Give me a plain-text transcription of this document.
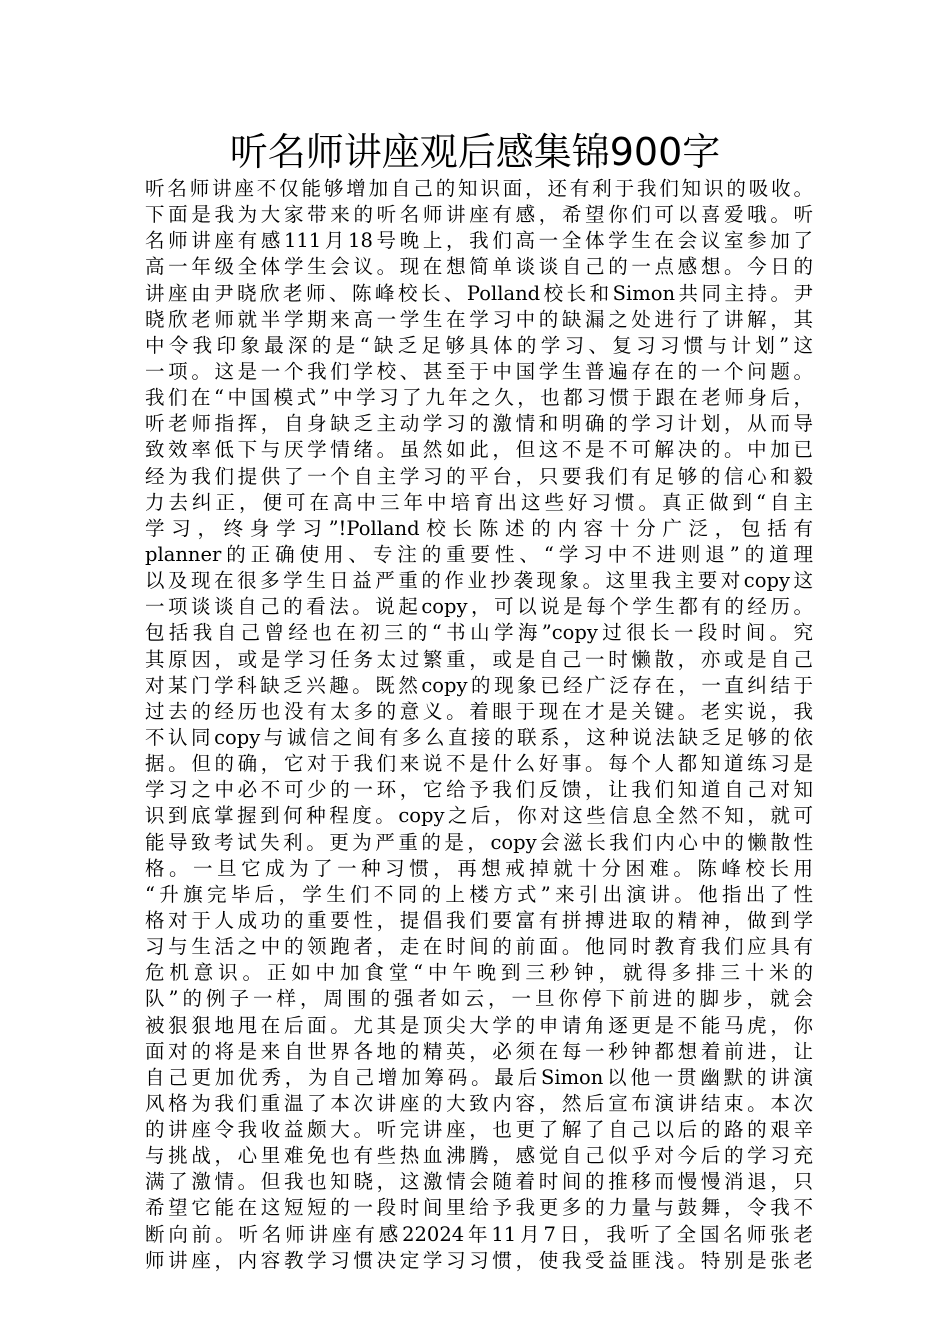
听名师讲座观后感集锦900字
听名师讲座不仅能够增加自己的知识面，还有利于我们知识的吸收。
下面是我为大家带来的听名师讲座有感，希望你们可以喜爱哦。听
名师讲座有感111月18号晚上，我们高一全体学生在会议室参加了
高一年级全体学生会议。现在想简单谈谈自己的一点感想。今日的
讲座由尹晓欣老师、陈峰校长、Polland校长和Simon共同主持。尹
晓欣老师就半学期来高一学生在学习中的缺漏之处进行了讲解，其
中令我印象最深的是“缺乏足够具体的学习、复习习惯与计划”这
一项。这是一个我们学校、甚至于中国学生普遍存在的一个问题。
我们在“中国模式”中学习了九年之久，也都习惯于跟在老师身后，
听老师指挥，自身缺乏主动学习的激情和明确的学习计划，从而导
致效率低下与厌学情绪。虽然如此，但这不是不可解决的。中加已
经为我们提供了一个自主学习的平台，只要我们有足够的信心和毅
力去纠正，便可在高中三年中培育出这些好习惯。真正做到“自主
学习，终身学习”!Polland校长陈述的内容十分广泛，包括有
planner的正确使用、专注的重要性、“学习中不进则退”的道理
以及现在很多学生日益严重的作业抄袭现象。这里我主要对copy这
一项谈谈自己的看法。说起copy，可以说是每个学生都有的经历。
包括我自己曾经也在初三的“书山学海”copy过很长一段时间。究
其原因，或是学习任务太过繁重，或是自己一时懒散，亦或是自己
对某门学科缺乏兴趣。既然copy的现象已经广泛存在，一直纠结于
过去的经历也没有太多的意义。着眼于现在才是关键。老实说，我
不认同copy与诚信之间有多么直接的联系，这种说法缺乏足够的依
据。但的确，它对于我们来说不是什么好事。每个人都知道练习是
学习之中必不可少的一环，它给予我们反馈，让我们知道自己对知
识到底掌握到何种程度。copy之后，你对这些信息全然不知，就可
能导致考试失利。更为严重的是，copy会滋长我们内心中的懒散性
格。一旦它成为了一种习惯，再想戒掉就十分困难。陈峰校长用
“升旗完毕后，学生们不同的上楼方式”来引出演讲。他指出了性
格对于人成功的重要性，提倡我们要富有拼搏进取的精神，做到学
习与生活之中的领跑者，走在时间的前面。他同时教育我们应具有
危机意识。正如中加食堂“中午晚到三秒钟，就得多排三十米的
队”的例子一样，周围的强者如云，一旦你停下前进的脚步，就会
被狠狠地甩在后面。尤其是顶尖大学的申请角逐更是不能马虎，你
面对的将是来自世界各地的精英，必须在每一秒钟都想着前进，让
自己更加优秀，为自己增加筹码。最后Simon以他一贯幽默的讲演
风格为我们重温了本次讲座的大致内容，然后宣布演讲结束。本次
的讲座令我收益颇大。听完讲座，也更了解了自己以后的路的艰辛
与挑战，心里难免也有些热血沸腾，感觉自己似乎对今后的学习充
满了激情。但我也知晓，这激情会随着时间的推移而慢慢消退，只
希望它能在这短短的一段时间里给予我更多的力量与鼓舞，令我不
断向前。听名师讲座有感22024年11月7日，我听了全国名师张老
师讲座，内容教学习惯决定学习习惯，使我受益匪浅。特别是张老
